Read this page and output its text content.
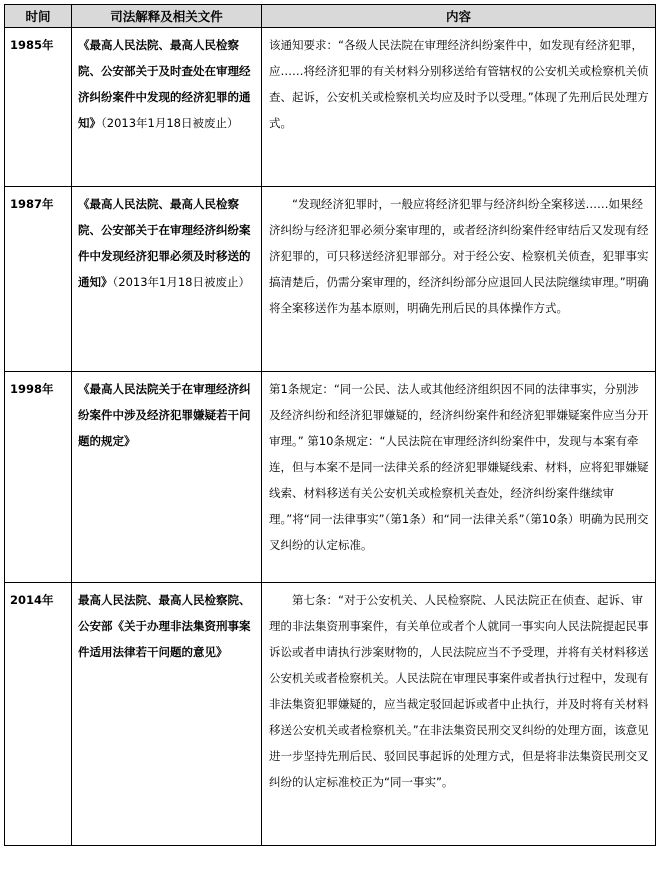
时间	司法解释及相关文件	内容
1985年	《最高人民法院、最高人民检察院、公安部关于及时查处在审理经济纠纷案件中发现的经济犯罪的通知》（2013年1月18日被废止）	该通知要求：“各级人民法院在审理经济纠纷案件中，如发现有经济犯罪，应……将经济犯罪的有关材料分别移送给有管辖权的公安机关或检察机关侦查、起诉，公安机关或检察机关均应及时予以受理。”体现了先刑后民处理方式。
1987年	《最高人民法院、最高人民检察院、公安部关于在审理经济纠纷案件中发现经济犯罪必须及时移送的通知》（2013年1月18日被废止）	“发现经济犯罪时，一般应将经济犯罪与经济纠纷全案移送……如果经济纠纷与经济犯罪必须分案审理的，或者经济纠纷案件经审结后又发现有经济犯罪的，可只移送经济犯罪部分。对于经公安、检察机关侦查，犯罪事实搞清楚后，仍需分案审理的，经济纠纷部分应退回人民法院继续审理。”明确将全案移送作为基本原则，明确先刑后民的具体操作方式。
1998年	《最高人民法院关于在审理经济纠纷案件中涉及经济犯罪嫌疑若干问题的规定》	第1条规定：“同一公民、法人或其他经济组织因不同的法律事实，分别涉及经济纠纷和经济犯罪嫌疑的，经济纠纷案件和经济犯罪嫌疑案件应当分开审理。” 第10条规定：“人民法院在审理经济纠纷案件中，发现与本案有牵连，但与本案不是同一法律关系的经济犯罪嫌疑线索、材料，应将犯罪嫌疑线索、材料移送有关公安机关或检察机关查处，经济纠纷案件继续审理。”将“同一法律事实”（第1条）和“同一法律关系”（第10条）明确为民刑交叉纠纷的认定标准。
2014年	最高人民法院、最高人民检察院、公安部《关于办理非法集资刑事案件适用法律若干问题的意见》	第七条：“对于公安机关、人民检察院、人民法院正在侦查、起诉、审理的非法集资刑事案件，有关单位或者个人就同一事实向人民法院提起民事诉讼或者申请执行涉案财物的，人民法院应当不予受理，并将有关材料移送公安机关或者检察机关。人民法院在审理民事案件或者执行过程中，发现有非法集资犯罪嫌疑的，应当裁定驳回起诉或者中止执行，并及时将有关材料移送公安机关或者检察机关。”在非法集资民刑交叉纠纷的处理方面，该意见进一步坚持先刑后民、驳回民事起诉的处理方式，但是将非法集资民刑交叉纠纷的认定标准校正为“同一事实”。
